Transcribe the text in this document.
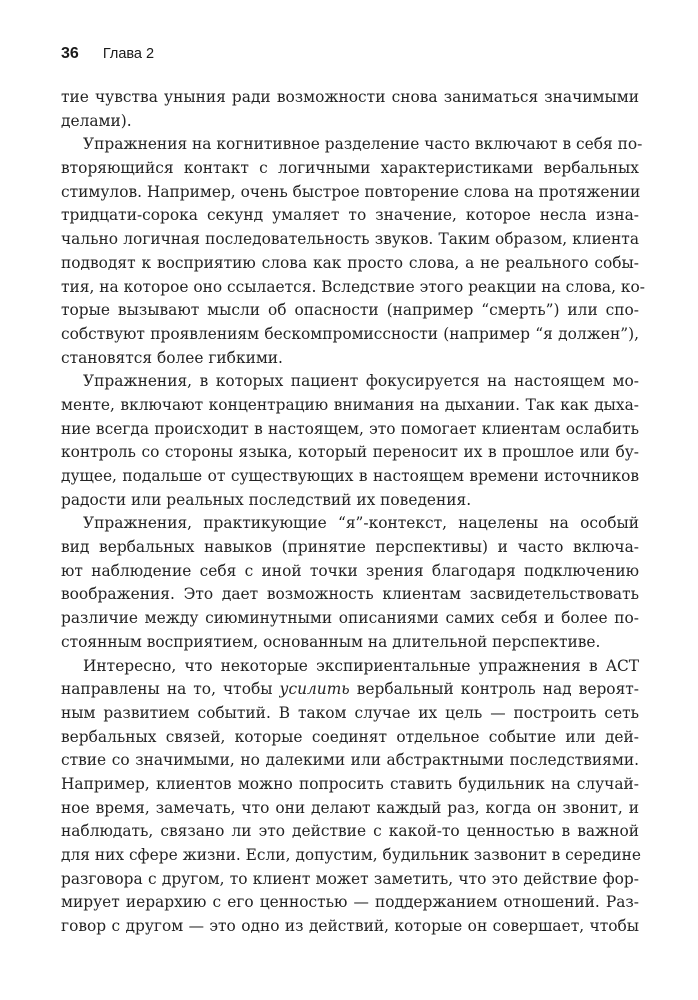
36 Глава 2
тие чувства уныния ради возможности снова заниматься значимыми
делами).
Упражнения на когнитивное разделение часто включают в себя по-
вторяющийся контакт с логичными характеристиками вербальных
стимулов. Например, очень быстрое повторение слова на протяжении
тридцати-сорока секунд умаляет то значение, которое несла изна-
чально логичная последовательность звуков. Таким образом, клиента
подводят к восприятию слова как просто слова, а не реального собы-
тия, на которое оно ссылается. Вследствие этого реакции на слова, ко-
торые вызывают мысли об опасности (например “смерть”) или спо-
собствуют проявлениям бескомпромиссности (например “я должен”),
становятся более гибкими.
Упражнения, в которых пациент фокусируется на настоящем мо-
менте, включают концентрацию внимания на дыхании. Так как дыха-
ние всегда происходит в настоящем, это помогает клиентам ослабить
контроль со стороны языка, который переносит их в прошлое или бу-
дущее, подальше от существующих в настоящем времени источников
радости или реальных последствий их поведения.
Упражнения, практикующие “я”-контекст, нацелены на особый
вид вербальных навыков (принятие перспективы) и часто включа-
ют наблюдение себя с иной точки зрения благодаря подключению
воображения. Это дает возможность клиентам засвидетельствовать
различие между сиюминутными описаниями самих себя и более по-
стоянным восприятием, основанным на длительной перспективе.
Интересно, что некоторые экспириентальные упражнения в ACT
направлены на то, чтобы усилить вербальный контроль над вероят-
ным развитием событий. В таком случае их цель — построить сеть
вербальных связей, которые соединят отдельное событие или дей-
ствие со значимыми, но далекими или абстрактными последствиями.
Например, клиентов можно попросить ставить будильник на случай-
ное время, замечать, что они делают каждый раз, когда он звонит, и
наблюдать, связано ли это действие с какой-то ценностью в важной
для них сфере жизни. Если, допустим, будильник зазвонит в середине
разговора с другом, то клиент может заметить, что это действие фор-
мирует иерархию с его ценностью — поддержанием отношений. Раз-
говор с другом — это одно из действий, которые он совершает, чтобы
